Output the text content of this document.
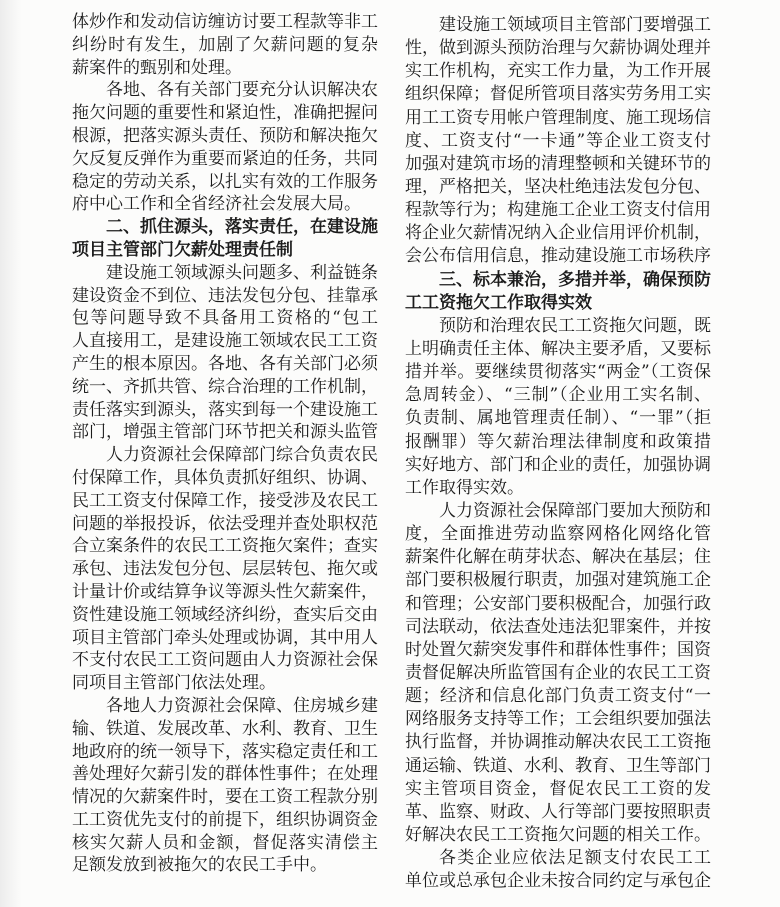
体炒作和发动信访缠访讨要工程款等非工
纠纷时有发生，加剧了欠薪问题的复杂
薪案件的甄别和处理。
各地、各有关部门要充分认识解决农
拖欠问题的重要性和紧迫性，准确把握问
根源，把落实源头责任、预防和解决拖欠
欠反复反弹作为重要而紧迫的任务，共同
稳定的劳动关系，以扎实有效的工作服务
府中心工作和全省经济社会发展大局。
二、抓住源头，落实责任，在建设施
项目主管部门欠薪处理责任制
建设施工领域源头问题多、利益链条
建设资金不到位、违法发包分包、挂靠承
包等问题导致不具备用工资格的“包工
人直接用工，是建设施工领域农民工工资
产生的根本原因。各地、各有关部门必须
统一、齐抓共管、综合治理的工作机制，
责任落实到源头，落实到每一个建设施工
部门，增强主管部门环节把关和源头监管
人力资源社会保障部门综合负责农民
付保障工作，具体负责抓好组织、协调、
民工工资支付保障工作，接受涉及农民工
问题的举报投诉，依法受理并查处职权范
合立案条件的农民工工资拖欠案件；查实
承包、违法发包分包、层层转包、拖欠或
计量计价或结算争议等源头性欠薪案件，
资性建设施工领域经济纠纷，查实后交由
项目主管部门牵头处理或协调，其中用人
不支付农民工工资问题由人力资源社会保
同项目主管部门依法处理。
各地人力资源社会保障、住房城乡建
输、铁道、发展改革、水利、教育、卫生
地政府的统一领导下，落实稳定责任和工
善处理好欠薪引发的群体性事件；在处理
情况的欠薪案件时，要在工资工程款分别
工工资优先支付的前提下，组织协调资金
核实欠薪人员和金额，督促落实清偿主
足额发放到被拖欠的农民工手中。
建设施工领域项目主管部门要增强工
性，做到源头预防治理与欠薪协调处理并
实工作机构，充实工作力量，为工作开展
组织保障；督促所管项目落实劳务用工实
用工工资专用帐户管理制度、施工现场信
度、工资支付“一卡通”等企业工资支付
加强对建筑市场的清理整顿和关键环节的
理，严格把关，坚决杜绝违法发包分包、
程款等行为；构建施工企业工资支付信用
将企业欠薪情况纳入企业信用评价机制，
会公布信用信息，推动建设施工市场秩序
三、标本兼治，多措并举，确保预防
工工资拖欠工作取得实效
预防和治理农民工工资拖欠问题，既
上明确责任主体、解决主要矛盾，又要标
措并举。要继续贯彻落实“两金”（工资保
急周转金）、“三制”（企业用工实名制、
负责制、属地管理责任制）、“一罪”（拒
报酬罪）等欠薪治理法律制度和政策措
实好地方、部门和企业的责任，加强协调
工作取得实效。
人力资源社会保障部门要加大预防和
度，全面推进劳动监察网格化网络化管
薪案件化解在萌芽状态、解决在基层；住
部门要积极履行职责，加强对建筑施工企
和管理；公安部门要积极配合，加强行政
司法联动，依法查处违法犯罪案件，并按
时处置欠薪突发事件和群体性事件；国资
责督促解决所监管国有企业的农民工工资
题；经济和信息化部门负责工资支付“一
网络服务支持等工作；工会组织要加强法
执行监督，并协调推动解决农民工工资拖
通运输、铁道、水利、教育、卫生等部门
实主管项目资金，督促农民工工资的发
革、监察、财政、人行等部门要按照职责
好解决农民工工资拖欠问题的相关工作。
各类企业应依法足额支付农民工工
单位或总承包企业未按合同约定与承包企
